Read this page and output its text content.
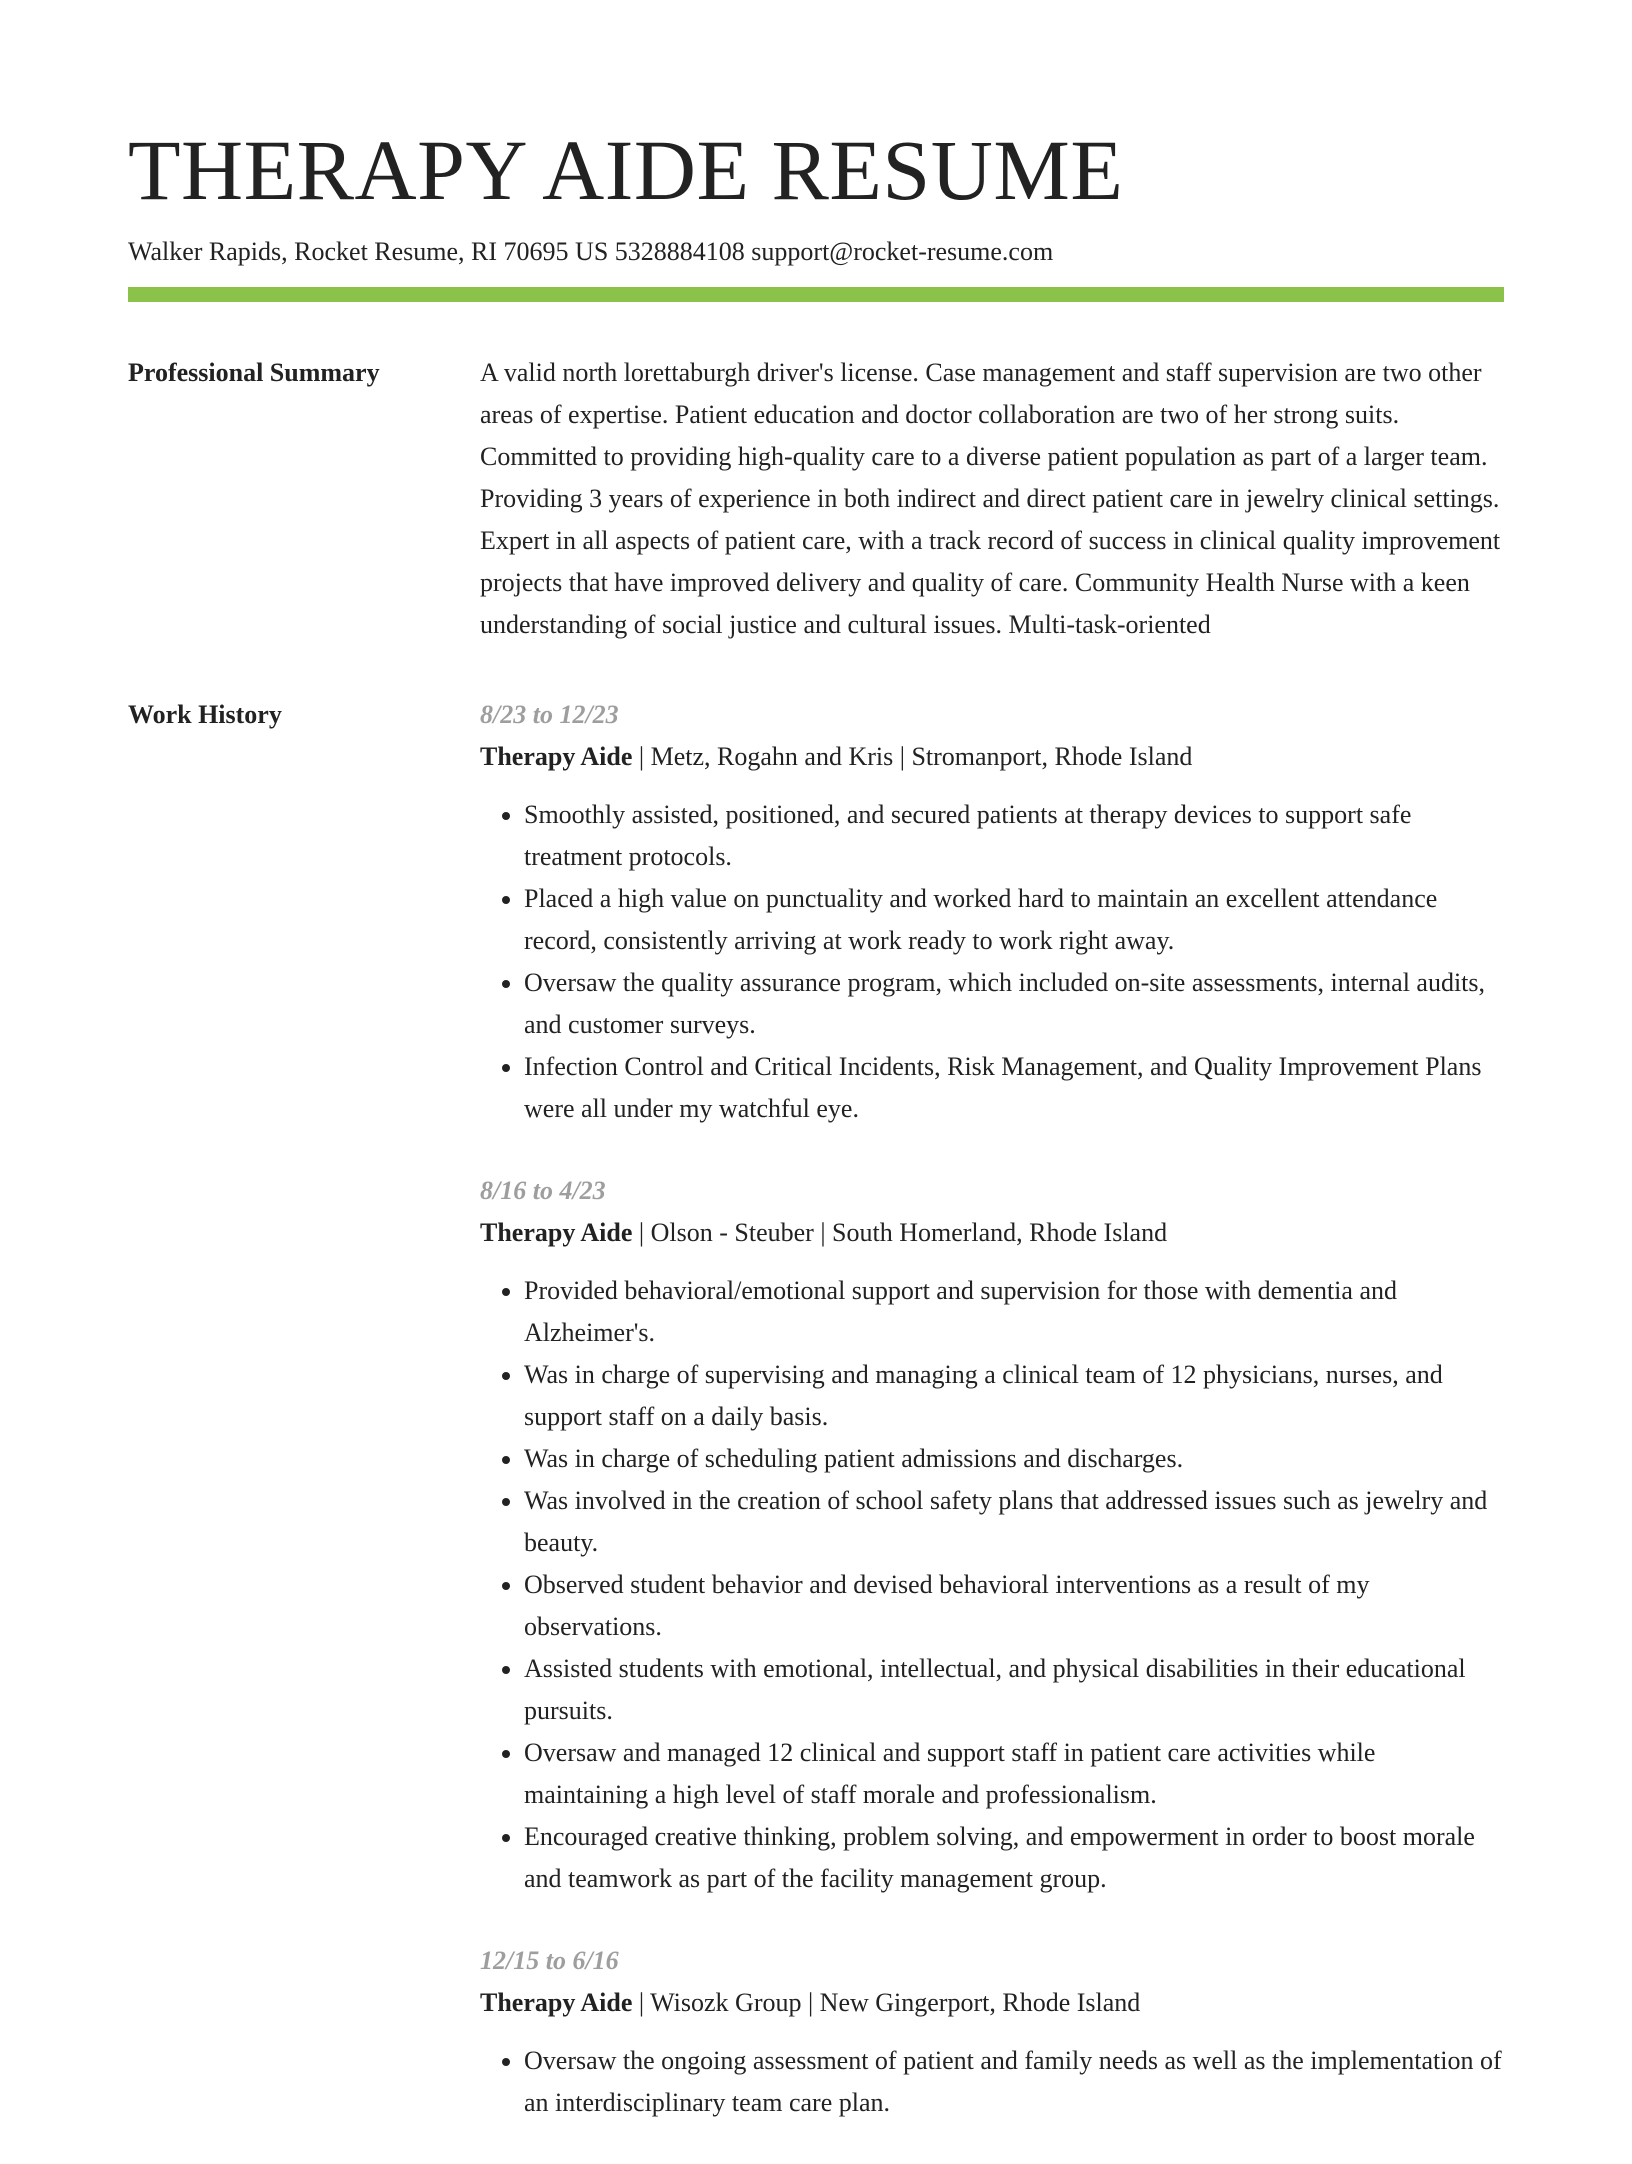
THERAPY AIDE RESUME
Walker Rapids, Rocket Resume, RI 70695 US 5328884108 support@rocket-resume.com
Professional Summary	A valid north lorettaburgh driver's license. Case management and staff supervision are two other areas of expertise. Patient education and doctor collaboration are two of her strong suits. Committed to providing high-quality care to a diverse patient population as part of a larger team. Providing 3 years of experience in both indirect and direct patient care in jewelry clinical settings. Expert in all aspects of patient care, with a track record of success in clinical quality improvement projects that have improved delivery and quality of care. Community Health Nurse with a keen understanding of social justice and cultural issues. Multi-task-oriented

Work History	8/23 to 12/23
Therapy Aide | Metz, Rogahn and Kris | Stromanport, Rhode Island
• Smoothly assisted, positioned, and secured patients at therapy devices to support safe treatment protocols.
• Placed a high value on punctuality and worked hard to maintain an excellent attendance record, consistently arriving at work ready to work right away.
• Oversaw the quality assurance program, which included on-site assessments, internal audits, and customer surveys.
• Infection Control and Critical Incidents, Risk Management, and Quality Improvement Plans were all under my watchful eye.
8/16 to 4/23
Therapy Aide | Olson - Steuber | South Homerland, Rhode Island
• Provided behavioral/emotional support and supervision for those with dementia and Alzheimer's.
• Was in charge of supervising and managing a clinical team of 12 physicians, nurses, and support staff on a daily basis.
• Was in charge of scheduling patient admissions and discharges.
• Was involved in the creation of school safety plans that addressed issues such as jewelry and beauty.
• Observed student behavior and devised behavioral interventions as a result of my observations.
• Assisted students with emotional, intellectual, and physical disabilities in their educational pursuits.
• Oversaw and managed 12 clinical and support staff in patient care activities while maintaining a high level of staff morale and professionalism.
• Encouraged creative thinking, problem solving, and empowerment in order to boost morale and teamwork as part of the facility management group.
12/15 to 6/16
Therapy Aide | Wisozk Group | New Gingerport, Rhode Island
• Oversaw the ongoing assessment of patient and family needs as well as the implementation of an interdisciplinary team care plan.
